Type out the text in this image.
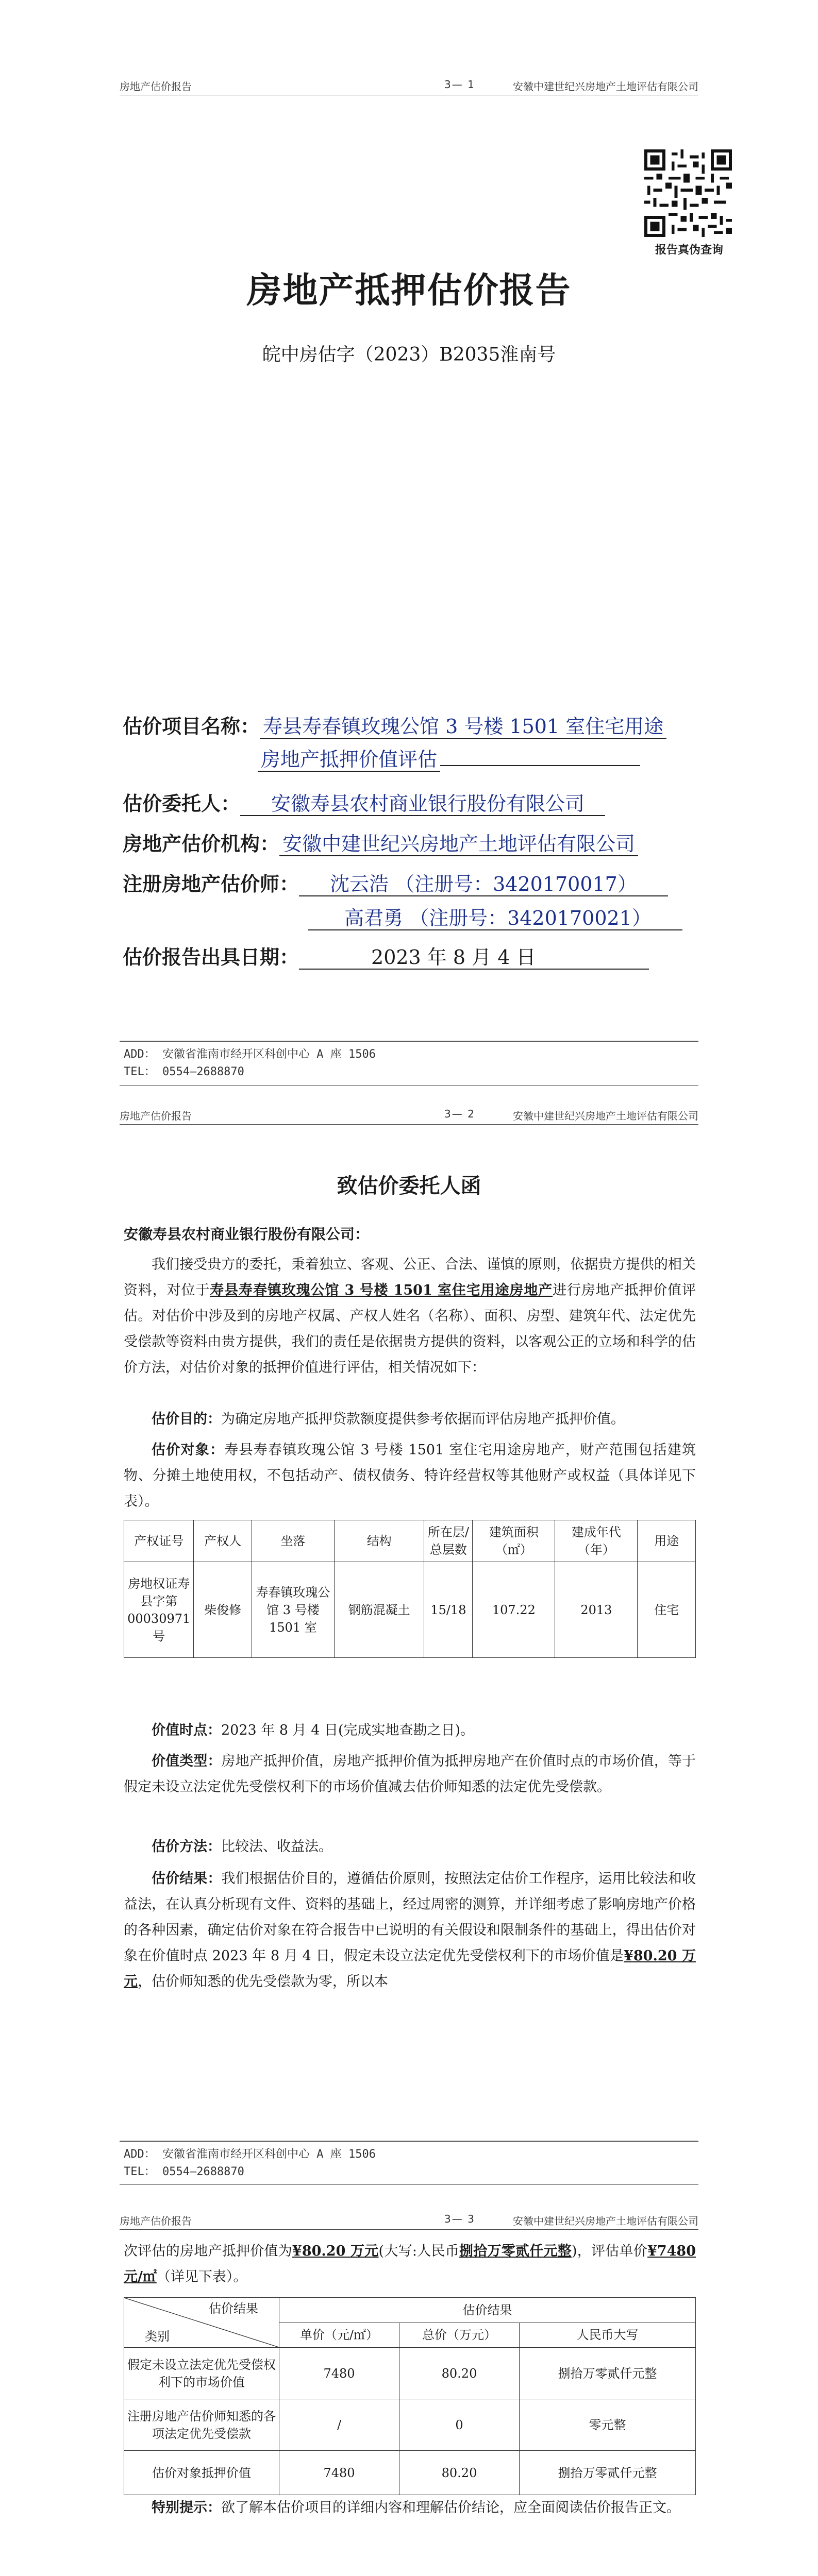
房地产估价报告	3— 1	安徽中建世纪兴房地产土地评估有限公司
报告真伪查询
房地产抵押估价报告
皖中房估字（2023）B2035淮南号
估价项目名称： 寿县寿春镇玫瑰公馆 3 号楼 1501 室住宅用途
房地产抵押价值评估
估价委托人： 安徽寿县农村商业银行股份有限公司
房地产估价机构： 安徽中建世纪兴房地产土地评估有限公司
注册房地产估价师： 沈云浩 （注册号：3420170017）
高君勇 （注册号：3420170021）
估价报告出具日期：	2023 年 8 月 4 日
ADD： 安徽省淮南市经开区科创中心 A 座 1506
TEL： 0554—2688870
房地产估价报告	3— 2	安徽中建世纪兴房地产土地评估有限公司
致估价委托人函
安徽寿县农村商业银行股份有限公司：
我们接受贵方的委托，秉着独立、客观、公正、合法、谨慎的原则，依据贵方提供的相关资料，对位于寿县寿春镇玫瑰公馆 3 号楼 1501 室住宅用途房地产进行房地产抵押价值评估。对估价中涉及到的房地产权属、产权人姓名（名称）、面积、房型、建筑年代、法定优先受偿款等资料由贵方提供，我们的责任是依据贵方提供的资料，以客观公正的立场和科学的估价方法，对估价对象的抵押价值进行评估，相关情况如下：
估价目的：为确定房地产抵押贷款额度提供参考依据而评估房地产抵押价值。
估价对象：寿县寿春镇玫瑰公馆 3 号楼 1501 室住宅用途房地产，财产范围包括建筑物、分摊土地使用权，不包括动产、债权债务、特许经营权等其他财产或权益（具体详见下表）。
产权证号	产权人	坐落	结构	所在层/总层数	建筑面积（㎡）	建成年代（年）	用途
房地权证寿县字第00030971号	柴俊修	寿春镇玫瑰公馆 3 号楼1501 室	钢筋混凝土	15/18	107.22	2013	住宅
价值时点：2023 年 8 月 4 日(完成实地查勘之日)。
价值类型：房地产抵押价值，房地产抵押价值为抵押房地产在价值时点的市场价值，等于假定未设立法定优先受偿权利下的市场价值减去估价师知悉的法定优先受偿款。
估价方法：比较法、收益法。
估价结果：我们根据估价目的，遵循估价原则，按照法定估价工作程序，运用比较法和收益法，在认真分析现有文件、资料的基础上，经过周密的测算，并详细考虑了影响房地产价格的各种因素，确定估价对象在符合报告中已说明的有关假设和限制条件的基础上，得出估价对象在价值时点 2023 年 8 月 4 日，假定未设立法定优先受偿权利下的市场价值是¥80.20 万元，估价师知悉的优先受偿款为零，所以本
ADD： 安徽省淮南市经开区科创中心 A 座 1506
TEL： 0554—2688870
房地产估价报告	3— 3	安徽中建世纪兴房地产土地评估有限公司
次评估的房地产抵押价值为¥80.20 万元(大写:人民币捌拾万零贰仟元整)，评估单价¥7480 元/㎡（详见下表）。
估价结果
类别	估价结果		
	单价（元/㎡）	总价（万元）	人民币大写
假定未设立法定优先受偿权利下的市场价值	7480	80.20	捌拾万零贰仟元整
注册房地产估价师知悉的各项法定优先受偿款	/	0	零元整
估价对象抵押价值	7480	80.20	捌拾万零贰仟元整
特别提示：欲了解本估价项目的详细内容和理解估价结论，应全面阅读估价报告正文。
